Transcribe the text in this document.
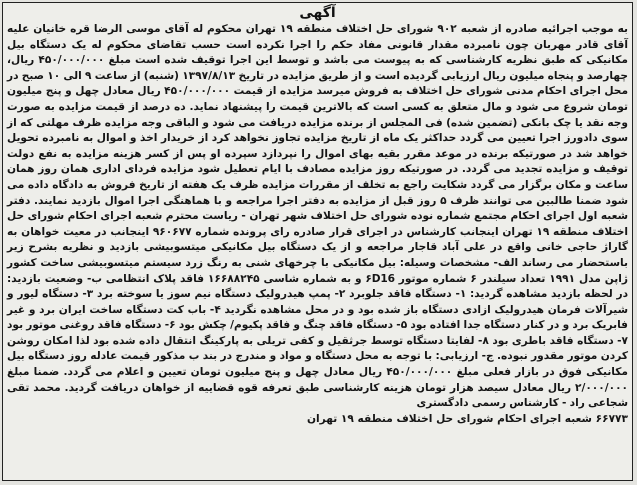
آگهی
به موجب اجرائیه صادره از شعبه ۹۰۲ شورای حل اختلاف منطقه ۱۹ تهران محکوم له آقای موسی الرضا قره خانیان علیه آقای قادر مهربان چون نامبرده مقدار قانونی مفاد حکم را اجرا نکرده است حسب تقاضای محکوم له یک دستگاه بیل مکانیکی که طبق نظریه کارشناسی که به پیوست می باشد و توسط این اجرا توقیف شده است مبلغ ۴۵۰/۰۰۰/۰۰۰ ریال، چهارصد و پنجاه میلیون ریال ارزیابی گردیده است و از طریق مزایده در تاریخ ۱۳۹۷/۸/۱۳ (شنبه) از ساعت ۹ الی ۱۰ صبح در محل اجرای احکام مدنی شورای حل اختلاف به فروش میرسد مزایده از قیمت ۴۵۰/۰۰۰/۰۰۰ ریال معادل چهل و پنج میلیون تومان شروع می شود و مال متعلق به کسی است که بالاترین قیمت را پیشنهاد نماید. ده درصد از قیمت مزایده به صورت وجه نقد یا چک بانکی (تضمین شده) فی المجلس از برنده مزایده دریافت می شود و الباقی وجه مزایده ظرف مهلتی که از سوی دادورز اجرا تعیین می گردد حداکثر یک ماه از تاریخ مزایده تجاوز نخواهد کرد از خریدار اخذ و اموال به نامبرده تحویل خواهد شد در صورتیکه برنده در موعد مقرر بقیه بهای اموال را نپردازد سپرده او پس از کسر هزینه مزایده به نفع دولت توقیف و مزایده تجدید می گردد. در صورتیکه روز مزایده مصادف با ایام تعطیل شود مزایده فردای اداری همان روز همان ساعت و مکان برگزار می گردد شکایت راجع به تخلف از مقررات مزایده ظرف یک هفته از تاریخ فروش به دادگاه داده می شود ضمنا طالبین می توانند ظرف ۵ روز قبل از مزایده به دفتر اجرا مراجعه و با هماهنگی اجرا اموال بازدید نمایند. دفتر شعبه اول اجرای احکام مجتمع شماره نوده شورای حل اختلاف شهر تهران - ریاست محترم شعبه اجرای احکام شورای حل اختلاف منطقه ۱۹ تهران اینجانب کارشناس در اجرای قرار صادره رای پرونده شماره ۹۶۰۶۷۷ اینجانب در معیت خواهان به گاراژ حاجی خانی واقع در علی آباد قاجار مراجعه و از یک دستگاه بیل مکانیکی میتسوبیشی بازدید و نظریه بشرح زیر باستحضار می رساند الف- مشخصات وسیله: بیل مکانیکی با چرخهای شنی به رنگ زرد سیستم میتسوبیشی ساخت کشور ژاپن مدل ۱۹۹۱ تعداد سیلندر ۶ شماره موتور ۶D16 و به شماره شاسی ۱۶۶۸۸۲۴۵ فاقد پلاک انتظامی ب- وضعیت بازدید: در لحظه بازدید مشاهده گردید: ۱- دستگاه فاقد جلوبرد ۲- پمپ هیدرولیک دستگاه نیم سوز یا سوخته برد ۳- دستگاه لیور و شیرآلات فرمان هیدرولیک ازادی دستگاه باز شده بود و در محل مشاهده نگردید ۴- باب کت دستگاه ساخت ایران برد و غیر فابریک برد و در کنار دستگاه جدا افتاده بود ۵- دستگاه فاقد چنگ و فاقد پکیوم/ چکش بود ۶- دستگاه فاقد روغنی موتور بود ۷- دستگاه فاقد باطری بود ۸- لفایتا دستگاه توسط جرثقیل و کفی تریلی به پارکینگ انتقال داده شده بود لذا امکان روشن کردن موتور مقدور نبوده. ج- ارزیابی: با توجه به محل دستگاه و مواد و مندرج در بند ب مذکور قیمت عادله روز دستگاه بیل مکانیکی فوق در بازار فعلی مبلغ ۴۵۰/۰۰۰/۰۰۰ ریال معادل چهل و پنج میلیون تومان تعیین و اعلام می گردد. ضمنا مبلغ ۲/۰۰۰/۰۰۰ ریال معادل سیصد هزار تومان هزینه کارشناسی طبق تعرفه قوه قضاییه از خواهان دریافت گردید. محمد تقی شجاعی راد - کارشناس رسمی دادگستری
۶۶۷۷۳ شعبه اجرای احکام شورای حل اختلاف منطقه ۱۹ تهران
